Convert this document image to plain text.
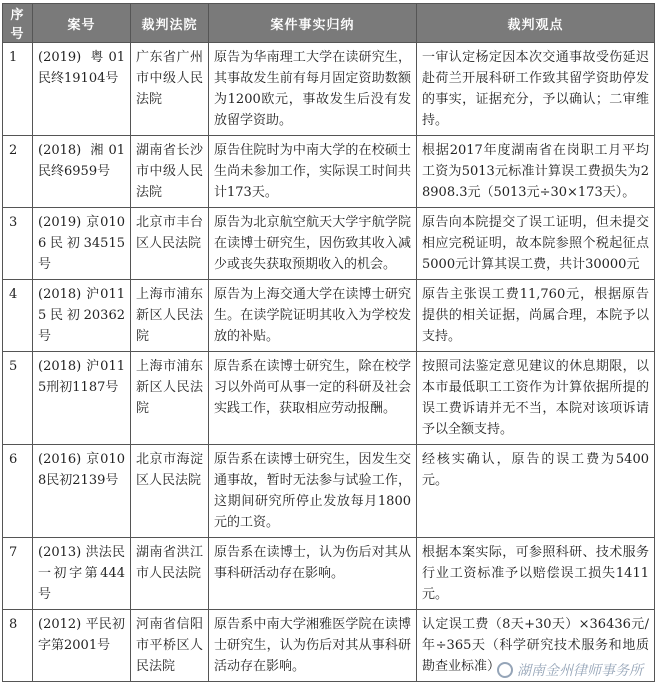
序号	案号	裁判法院	案件事实归纳	裁判观点
1	(2019) 粤01民终19104号	广东省广州市中级人民法院	原告为华南理工大学在读研究生，其事故发生前有每月固定资助数额为1200欧元，事故发生后没有发放留学资助。	一审认定杨定因本次交通事故受伤延迟赴荷兰开展科研工作致其留学资助停发的事实，证据充分，予以确认；二审维持。
2	(2018) 湘01民终6959号	湖南省长沙市中级人民法院	原告住院时为中南大学的在校硕士生尚未参加工作，实际误工时间共计173天。	根据2017年度湖南省在岗职工月平均工资为5013元标准计算误工费损失为28908.3元（5013元÷30×173天）。
3	(2019) 京0106民初34515号	北京市丰台区人民法院	原告为北京航空航天大学宇航学院在读博士研究生，因伤致其收入减少或丧失获取预期收入的机会。	原告向本院提交了误工证明，但未提交相应完税证明，故本院参照个税起征点5000元计算其误工费，共计30000元
4	(2018) 沪0115民初20362号	上海市浦东新区人民法院	原告为上海交通大学在读博士研究生。在读学院证明其收入为学校发放的补贴。	原告主张误工费11,760元，根据原告提供的相关证据，尚属合理，本院予以支持。
5	(2018) 沪0115刑初1187号	上海市浦东新区人民法院	原告系在读博士研究生，除在校学习以外尚可从事一定的科研及社会实践工作，获取相应劳动报酬。	按照司法鉴定意见建议的休息期限，以本市最低职工工资作为计算依据所提的误工费诉请并无不当，本院对该项诉请予以全额支持。
6	(2016) 京0108民初2139号	北京市海淀区人民法院	原告系在读博士研究生，因发生交通事故，暂时无法参与试验工作，这期间研究所停止发放每月1800元的工资。	经核实确认，原告的误工费为5400元。
7	(2013) 洪法民一初字第444号	湖南省洪江市人民法院	原告系在读博士，认为伤后对其从事科研活动存在影响。	根据本案实际，可参照科研、技术服务行业工资标准予以赔偿误工损失1411元。
8	(2012) 平民初字第2001号	河南省信阳市平桥区人民法院	原告系中南大学湘雅医学院在读博士研究生，认为伤后对其从事科研活动存在影响。	认定误工费（8天+30天）×36436元/年÷365天（科学研究技术服务和地质勘查业标准） 湖南金州律师事务所
